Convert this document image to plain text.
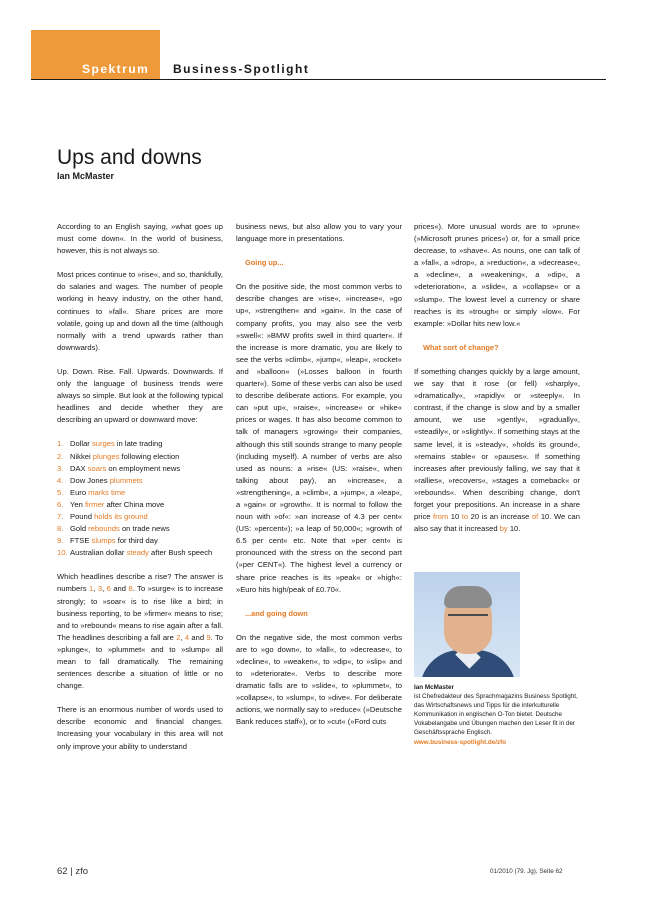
Spektrum Business-Spotlight
Ups and downs
Ian McMaster

According to an English saying, »what goes up must come down«. In the world of business, however, this is not always so.

Most prices continue to »rise«, and so, thankfully, do salaries and wages. The number of people working in heavy industry, on the other hand, continues to »fall«. Share prices are more volatile, going up and down all the time (although normally with a trend upwards rather than downwards).

Up. Down. Rise. Fall. Upwards. Downwards. If only the language of business trends were always so simple. But look at the following typical headlines and decide whether they are describing an upward or downward move:

1. Dollar surges in late trading
2. Nikkei plunges following election
3. DAX soars on employment news
4. Dow Jones plummets
5. Euro marks time
6. Yen firmer after China move
7. Pound holds its ground
8. Gold rebounds on trade news
9. FTSE slumps for third day
10. Australian dollar steady after Bush speech

Which headlines describe a rise? The answer is numbers 1, 3, 6 and 8. To »surge« is to increase strongly; to »soar« is to rise like a bird; in business reporting, to be »firmer« means to rise; and to »rebound« means to rise again after a fall. The headlines describing a fall are 2, 4 and 9. To »plunge«, to »plummet« and to »slump« all mean to fall dramatically. The remaining sentences describe a situation of little or no change.

There is an enormous number of words used to describe economic and financial changes. Increasing your vocabulary in this area will not only improve your ability to understand

business news, but also allow you to vary your language more in presentations.

Going up...

On the positive side, the most common verbs to describe changes are »rise«, »increase«, »go up«, »strengthen« and »gain«. In the case of company profits, you may also see the verb »swell«: »BMW profits swell in third quarter«. If the increase is more dramatic, you are likely to see the verbs »climb«, »jump«, »leap«, »rocket« and »balloon« (»Losses balloon in fourth quarter«). Some of these verbs can also be used to describe deliberate actions. For example, you can »put up«, »raise«, »increase« or »hike« prices or wages. It has also become common to talk of managers »growing« their companies, although this still sounds strange to many people (including myself). A number of verbs are also used as nouns: a »rise« (US: »raise«, when talking about pay), an »increase«, a »strengthening«, a »climb«, a »jump«, a »leap«, a »gain« or »growth«. It is normal to follow the noun with »of«: »an increase of 4.3 per cent« (US: »percent«); »a leap of 50,000«; »growth of 6.5 per cent« etc. Note that »per cent« is pronounced with the stress on the second part (»per CENT«). The highest level a currency or share price reaches is its »peak« or »high«: »Euro hits high/peak of £0.70«.

...and going down

On the negative side, the most common verbs are to »go down«, to »fall«, to »decrease«, to »decline«, to »weaken«, to »dip«, to »slip« and to »deteriorate«. Verbs to describe more dramatic falls are to »slide«, to »plummet«, to »collapse«, to »slump«, to »dive«. For deliberate actions, we normally say to »reduce« (»Deutsche Bank reduces staff«), or to »cut« (»Ford cuts

prices«). More unusual words are to »prune« (»Microsoft prunes prices«) or, for a small price decrease, to »shave«. As nouns, one can talk of a »fall«, a »drop«, a »reduction«, a »decrease«, a »decline«, a »weakening«, a »dip«, a »deterioration«, a »slide«, a »collapse« or a »slump«. The lowest level a currency or share reaches is its »trough« or simply »low«. For example: »Dollar hits new low.«

What sort of change?

If something changes quickly by a large amount, we say that it rose (or fell) »sharply«, »dramatically«, »rapidly« or »steeply«. In contrast, if the change is slow and by a smaller amount, we use »gently«, »gradually«, »steadily«, or »slightly«. If something stays at the same level, it is »steady«, »holds its ground«, »remains stable« or »pauses«. If something increases after previously falling, we say that it »rallies«, »recovers«, »stages a comeback« or »rebounds«. When describing change, don't forget your prepositions. An increase in a share price from 10 to 20 is an increase of 10. We can also say that it increased by 10.

Ian McMaster
ist Chefredakteur des Sprachmagazins Business Spotlight, das Wirtschaftsnews und Tipps für die interkulturelle Kommunikation in englischen O-Ton bietet. Deutsche Vokabelangabe und Übungen machen den Leser fit in der Geschäftssprache Englisch.
www.business-spotlight.de/zfo
62 | zfo	01/2010 (79. Jg), Seite 62
